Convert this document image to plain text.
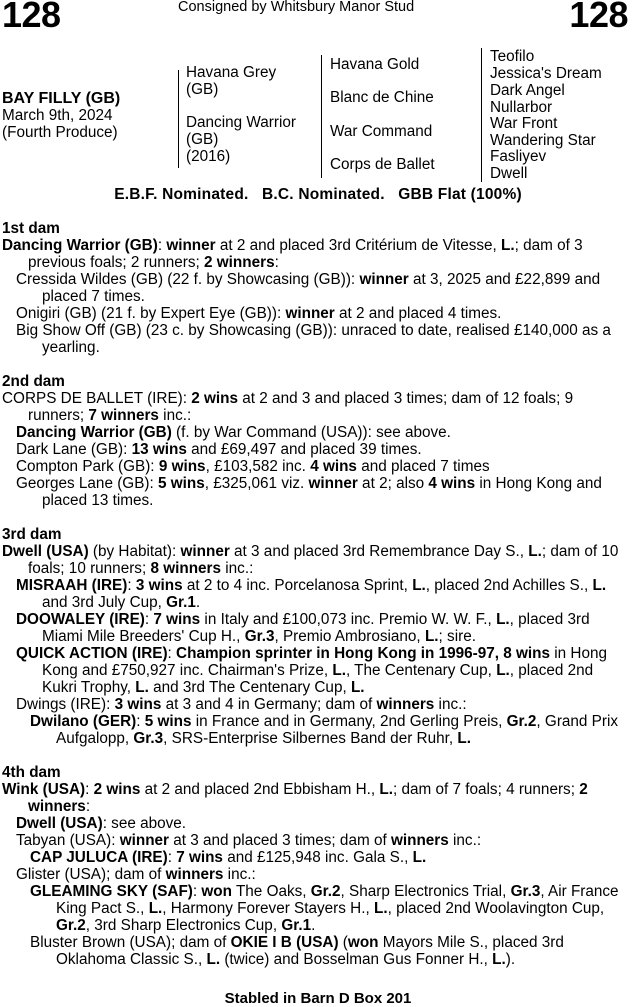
128	Consigned by Whitsbury Manor Stud	128
BAY FILLY (GB)
March 9th, 2024
(Fourth Produce)
Havana Grey
(GB)
Dancing Warrior
(GB)
(2016)
Havana Gold
Blanc de Chine
War Command
Corps de Ballet
Teofilo
Jessica's Dream
Dark Angel
Nullarbor
War Front
Wandering Star
Fasliyev
Dwell
E.B.F. Nominated.   B.C. Nominated.   GBB Flat (100%)
1st dam
Dancing Warrior (GB): winner at 2 and placed 3rd Critérium de Vitesse, L.; dam of 3 previous foals; 2 runners; 2 winners:
Cressida Wildes (GB) (22 f. by Showcasing (GB)): winner at 3, 2025 and £22,899 and placed 7 times.
Onigiri (GB) (21 f. by Expert Eye (GB)): winner at 2 and placed 4 times.
Big Show Off (GB) (23 c. by Showcasing (GB)): unraced to date, realised £140,000 as a yearling.
2nd dam
CORPS DE BALLET (IRE): 2 wins at 2 and 3 and placed 3 times; dam of 12 foals; 9 runners; 7 winners inc.:
Dancing Warrior (GB) (f. by War Command (USA)): see above.
Dark Lane (GB): 13 wins and £69,497 and placed 39 times.
Compton Park (GB): 9 wins, £103,582 inc. 4 wins and placed 7 times
Georges Lane (GB): 5 wins, £325,061 viz. winner at 2; also 4 wins in Hong Kong and placed 13 times.
3rd dam
Dwell (USA) (by Habitat): winner at 3 and placed 3rd Remembrance Day S., L.; dam of 10 foals; 10 runners; 8 winners inc.:
MISRAAH (IRE): 3 wins at 2 to 4 inc. Porcelanosa Sprint, L., placed 2nd Achilles S., L. and 3rd July Cup, Gr.1.
DOOWALEY (IRE): 7 wins in Italy and £100,073 inc. Premio W. W. F., L., placed 3rd Miami Mile Breeders' Cup H., Gr.3, Premio Ambrosiano, L.; sire.
QUICK ACTION (IRE): Champion sprinter in Hong Kong in 1996-97, 8 wins in Hong Kong and £750,927 inc. Chairman's Prize, L., The Centenary Cup, L., placed 2nd Kukri Trophy, L. and 3rd The Centenary Cup, L.
Dwings (IRE): 3 wins at 3 and 4 in Germany; dam of winners inc.:
Dwilano (GER): 5 wins in France and in Germany, 2nd Gerling Preis, Gr.2, Grand Prix Aufgalopp, Gr.3, SRS-Enterprise Silbernes Band der Ruhr, L.
4th dam
Wink (USA): 2 wins at 2 and placed 2nd Ebbisham H., L.; dam of 7 foals; 4 runners; 2 winners:
Dwell (USA): see above.
Tabyan (USA): winner at 3 and placed 3 times; dam of winners inc.:
CAP JULUCA (IRE): 7 wins and £125,948 inc. Gala S., L.
Glister (USA); dam of winners inc.:
GLEAMING SKY (SAF): won The Oaks, Gr.2, Sharp Electronics Trial, Gr.3, Air France King Pact S., L., Harmony Forever Stayers H., L., placed 2nd Woolavington Cup, Gr.2, 3rd Sharp Electronics Cup, Gr.1.
Bluster Brown (USA); dam of OKIE I B (USA) (won Mayors Mile S., placed 3rd Oklahoma Classic S., L. (twice) and Bosselman Gus Fonner H., L.).
Stabled in Barn D Box 201
